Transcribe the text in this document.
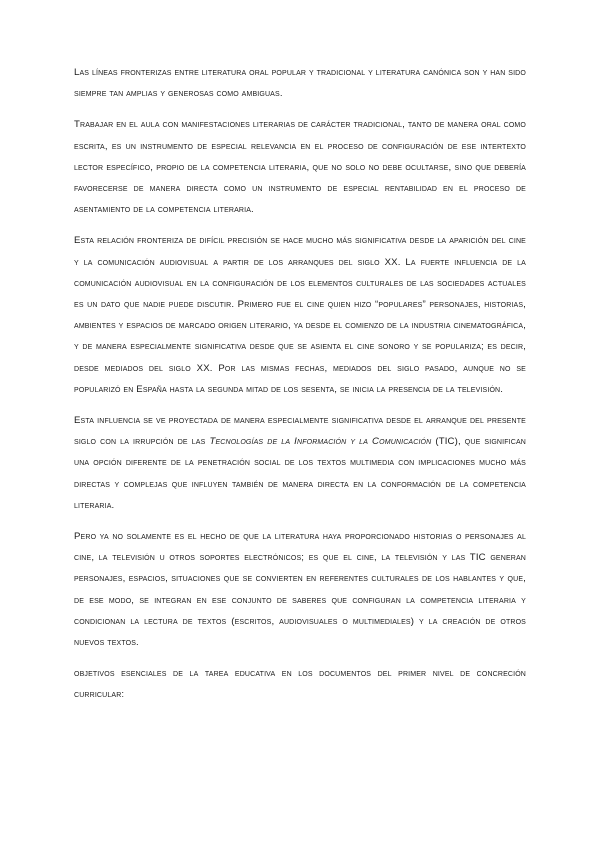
Las líneas fronterizas entre literatura oral popular y tradicional y literatura canónica son y han sido siempre tan amplias y generosas como ambiguas.

Trabajar en el aula con manifestaciones literarias de carácter tradicional, tanto de manera oral como escrita, es un instrumento de especial relevancia en el proceso de configuración de ese intertexto lector específico, propio de la competencia literaria, que no solo no debe ocultarse, sino que debería favorecerse de manera directa como un instrumento de especial rentabilidad en el proceso de asentamiento de la competencia literaria.

Esta relación fronteriza de difícil precisión se hace mucho más significativa desde la aparición del cine y la comunicación audiovisual a partir de los arranques del siglo XX. La fuerte influencia de la comunicación audiovisual en la configuración de los elementos culturales de las sociedades actuales es un dato que nadie puede discutir. Primero fue el cine quien hizo “populares” personajes, historias, ambientes y espacios de marcado origen literario, ya desde el comienzo de la industria cinematográfica, y de manera especialmente significativa desde que se asienta el cine sonoro y se populariza; es decir, desde mediados del siglo XX. Por las mismas fechas, mediados del siglo pasado, aunque no se popularizó en España hasta la segunda mitad de los sesenta, se inicia la presencia de la televisión.

Esta influencia se ve proyectada de manera especialmente significativa desde el arranque del presente siglo con la irrupción de las Tecnologías de la Información y la Comunicación (TIC), que significan una opción diferente de la penetración social de los textos multimedia con implicaciones mucho más directas y complejas que influyen también de manera directa en la conformación de la competencia literaria.

Pero ya no solamente es el hecho de que la literatura haya proporcionado historias o personajes al cine, la televisión u otros soportes electrónicos; es que el cine, la televisión y las TIC generan personajes, espacios, situaciones que se convierten en referentes culturales de los hablantes y que, de ese modo, se integran en ese conjunto de saberes que configuran la competencia literaria y condicionan la lectura de textos (escritos, audiovisuales o multimediales) y la creación de otros nuevos textos.

objetivos esenciales de la tarea educativa en los documentos del primer nivel de concreción curricular:
